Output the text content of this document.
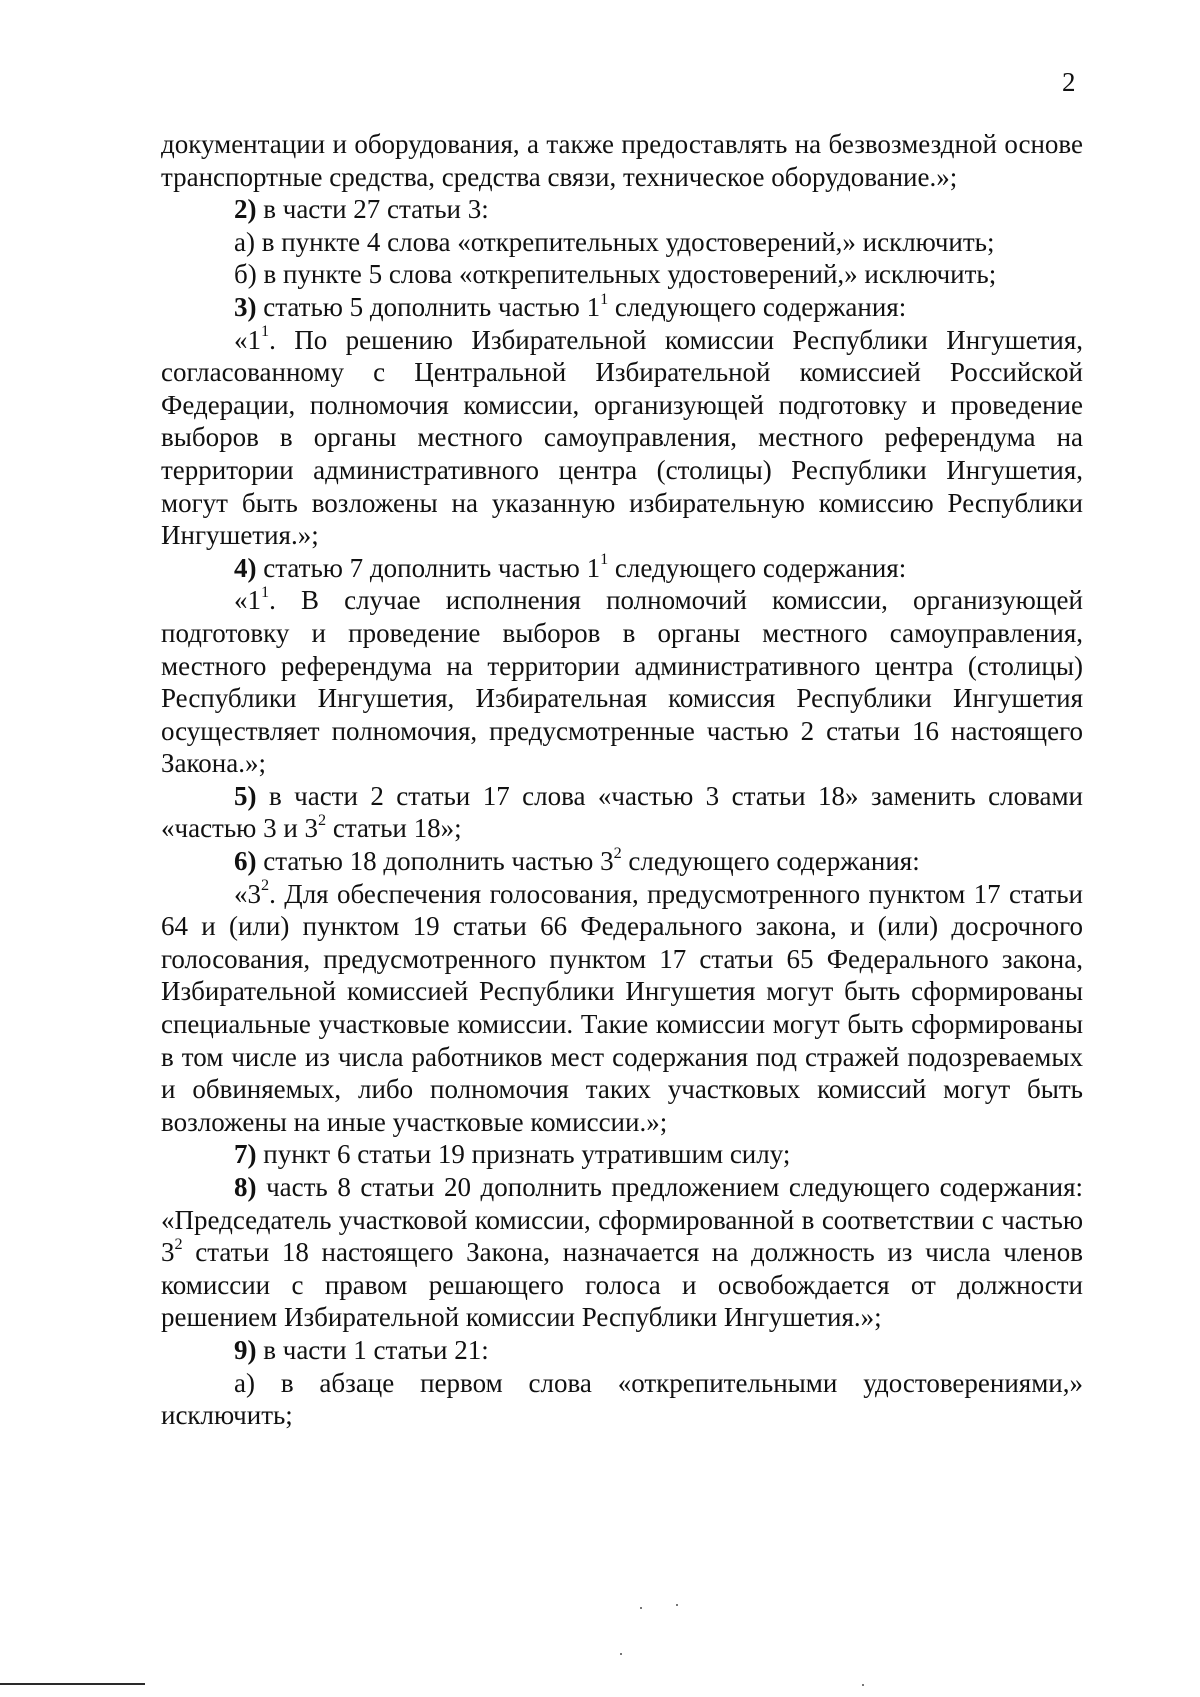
2

документации и оборудования, а также предоставлять на безвозмездной основе транспортные средства, средства связи, техническое оборудование.»;

2) в части 27 статьи 3:

а) в пункте 4 слова «открепительных удостоверений,» исключить;

б) в пункте 5 слова «открепительных удостоверений,» исключить;

3) статью 5 дополнить частью $1^1$ следующего содержания:

«$1^1$. По решению Избирательной комиссии Республики Ингушетия, согласованному с Центральной Избирательной комиссией Российской Федерации, полномочия комиссии, организующей подготовку и проведение выборов в органы местного самоуправления, местного референдума на территории административного центра (столицы) Республики Ингушетия, могут быть возложены на указанную избирательную комиссию Республики Ингушетия.»;

4) статью 7 дополнить частью $1^1$ следующего содержания:

«$1^1$. В случае исполнения полномочий комиссии, организующей подготовку и проведение выборов в органы местного самоуправления, местного референдума на территории административного центра (столицы) Республики Ингушетия, Избирательная комиссия Республики Ингушетия осуществляет полномочия, предусмотренные частью 2 статьи 16 настоящего Закона.»;

5) в части 2 статьи 17 слова «частью 3 статьи 18» заменить словами «частью 3 и $3^2$ статьи 18»;

6) статью 18 дополнить частью $3^2$ следующего содержания:

«$3^2$. Для обеспечения голосования, предусмотренного пунктом 17 статьи 64 и (или) пунктом 19 статьи 66 Федерального закона, и (или) досрочного голосования, предусмотренного пунктом 17 статьи 65 Федерального закона, Избирательной комиссией Республики Ингушетия могут быть сформированы специальные участковые комиссии. Такие комиссии могут быть сформированы в том числе из числа работников мест содержания под стражей подозреваемых и обвиняемых, либо полномочия таких участковых комиссий могут быть возложены на иные участковые комиссии.»;

7) пункт 6 статьи 19 признать утратившим силу;

8) часть 8 статьи 20 дополнить предложением следующего содержания: «Председатель участковой комиссии, сформированной в соответствии с частью $3^2$ статьи 18 настоящего Закона, назначается на должность из числа членов комиссии с правом решающего голоса и освобождается от должности решением Избирательной комиссии Республики Ингушетия.»;

9) в части 1 статьи 21:

а) в абзаце первом слова «открепительными удостоверениями,» исключить;
